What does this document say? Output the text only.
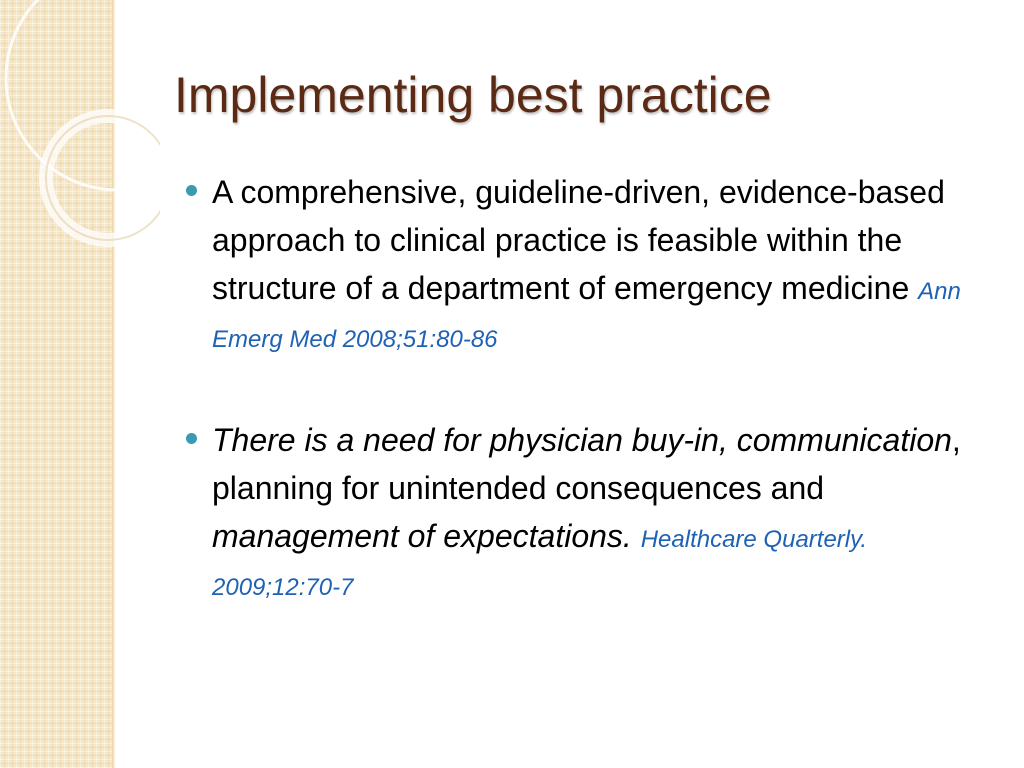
Implementing best practice
A comprehensive, guideline-driven, evidence-based approach to clinical practice is feasible within the structure of a department of emergency medicine Ann Emerg Med 2008;51:80-86
There is a need for physician buy-in, communication, planning for unintended consequences and management of expectations. Healthcare Quarterly. 2009;12:70-7
